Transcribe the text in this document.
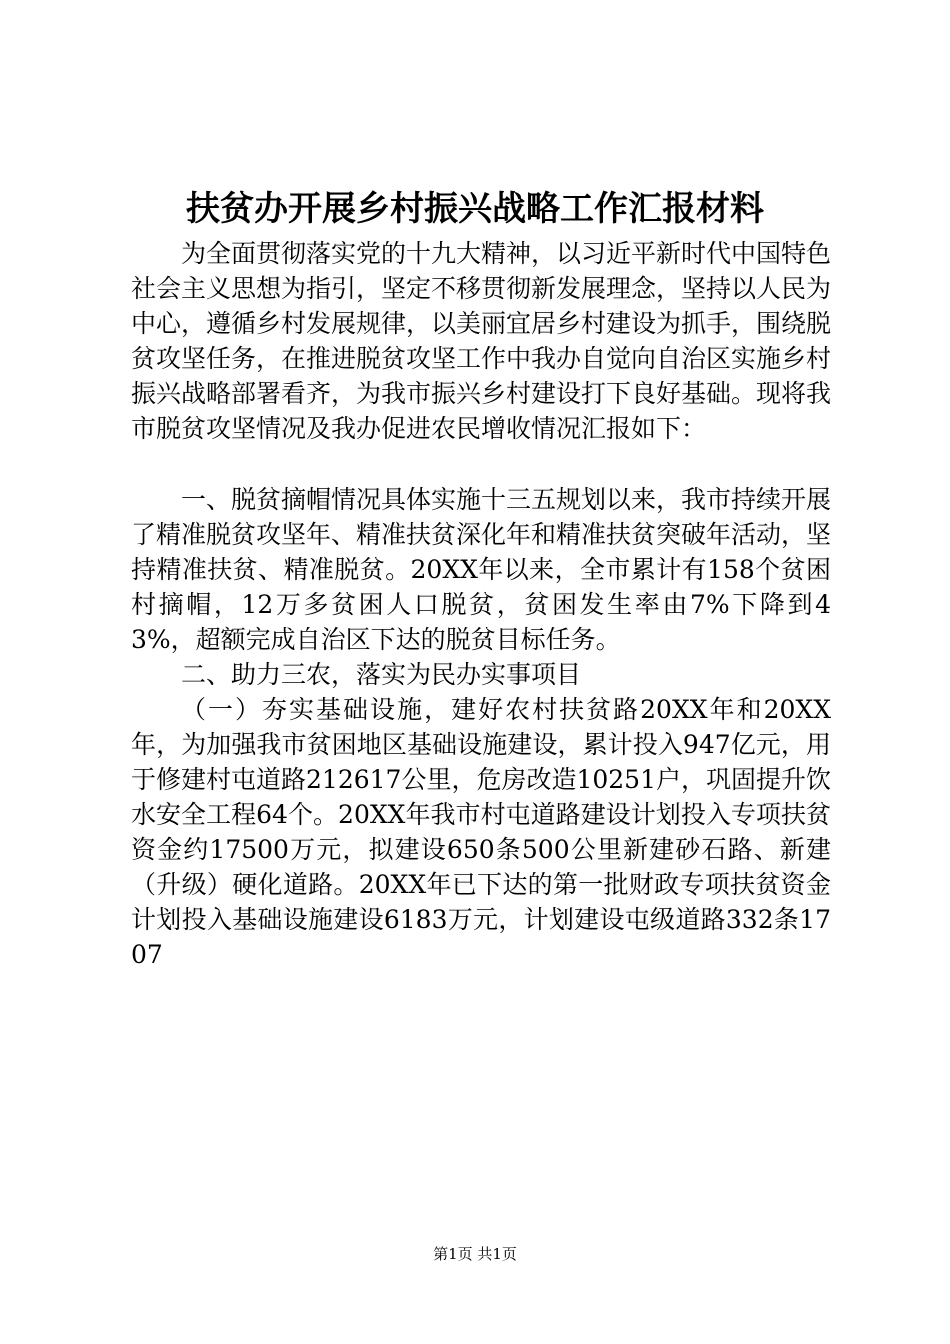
扶贫办开展乡村振兴战略工作汇报材料

为全面贯彻落实党的十九大精神，以习近平新时代中国特色社会主义思想为指引，坚定不移贯彻新发展理念，坚持以人民为中心，遵循乡村发展规律，以美丽宜居乡村建设为抓手，围绕脱贫攻坚任务，在推进脱贫攻坚工作中我办自觉向自治区实施乡村振兴战略部署看齐，为我市振兴乡村建设打下良好基础。现将我市脱贫攻坚情况及我办促进农民增收情况汇报如下：

一、脱贫摘帽情况具体实施十三五规划以来，我市持续开展了精准脱贫攻坚年、精准扶贫深化年和精准扶贫突破年活动，坚持精准扶贫、精准脱贫。20XX年以来，全市累计有158个贫困村摘帽，12万多贫困人口脱贫，贫困发生率由7%下降到43%，超额完成自治区下达的脱贫目标任务。

二、助力三农，落实为民办实事项目

（一）夯实基础设施，建好农村扶贫路20XX年和20XX年，为加强我市贫困地区基础设施建设，累计投入947亿元，用于修建村屯道路212617公里，危房改造10251户，巩固提升饮水安全工程64个。20XX年我市村屯道路建设计划投入专项扶贫资金约17500万元，拟建设650条500公里新建砂石路、新建（升级）硬化道路。20XX年已下达的第一批财政专项扶贫资金计划投入基础设施建设6183万元，计划建设屯级道路332条1707

第1页 共1页
